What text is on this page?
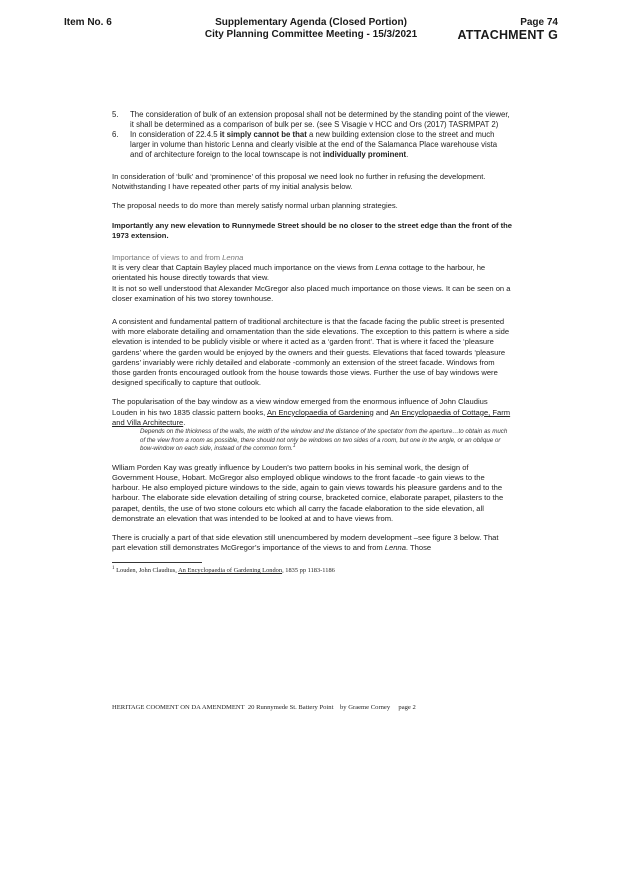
Item No. 6	Supplementary Agenda (Closed Portion)
City Planning Committee Meeting - 15/3/2021
Page 74
ATTACHMENT G
5.	The consideration of bulk of an extension proposal shall not be determined by the standing point of the viewer, it shall be determined as a comparison of bulk per se. (see S Visagie v HCC and Ors (2017) TASRMPAT 2)
6.	In consideration of 22.4.5 it simply cannot be that a new building extension close to the street and much larger in volume than historic Lenna and clearly visible at the end of the Salamanca Place warehouse vista and of architecture foreign to the local townscape is not individually prominent.

In consideration of ‘bulk’ and ‘prominence’ of this proposal we need look no further in refusing the development. Notwithstanding I have repeated other parts of my initial analysis below.

The proposal needs to do more than merely satisfy normal urban planning strategies.

Importantly any new elevation to Runnymede Street should be no closer to the street edge than the front of the 1973 extension.

Importance of views to and from Lenna

It is very clear that Captain Bayley placed much importance on the views from Lenna cottage to the harbour, he orientated his house directly towards that view.

It is not so well understood that Alexander McGregor also placed much importance on those views. It can be seen on a closer examination of his two storey townhouse.

A consistent and fundamental pattern of traditional architecture is that the facade facing the public street is presented with more elaborate detailing and ornamentation than the side elevations. The exception to this pattern is where a side elevation is intended to be publicly visible or where it acted as a ‘garden front’. That is where it faced the ‘pleasure gardens’ where the garden would be enjoyed by the owners and their guests. Elevations that faced towards ‘pleasure gardens’ invariably were richly detailed and elaborate -commonly an extension of the street facade. Windows from those garden fronts encouraged outlook from the house towards those views. Further the use of bay windows were designed specifically to capture that outlook.

The popularisation of the bay window as a view window emerged from the enormous influence of John Claudius Louden in his two 1835 classic pattern books, An Encyclopaedia of Gardening and An Encyclopaedia of Cottage, Farm and Villa Architecture.

Depends on the thickness of the walls, the width of the window and the distance of the spectator from the aperture…to obtain as much of the view from a room as possible, there should not only be windows on two sides of a room, but one in the angle, or an oblique or bow-window on each side, instead of the common form.$^1$

Wlliam Porden Kay was greatly influence by Louden’s two pattern books in his seminal work, the design of Government House, Hobart. McGregor also employed oblique windows to the front facade -to gain views to the harbour. He also employed picture windows to the side, again to gain views towards his pleasure gardens and to the harbour. The elaborate side elevation detailing of string course, bracketed cornice, elaborate parapet, pilasters to the parapet, dentils, the use of two stone colours etc which all carry the facade elaboration to the side elevation, all demonstrate an elevation that was intended to be looked at and to have views from.

There is crucially a part of that side elevation still unencumbered by modern development –see figure 3 below. That part elevation still demonstrates McGregor’s importance of the views to and from Lenna. Those

$^1$ Louden, John Claudius, An Encyclopaedia of Gardening London, 1835 pp 1183-1186

HERITAGE COOMENT ON DA AMENDMENT  20 Runnymede St. Battery Point    by Graeme Corney     page 2
